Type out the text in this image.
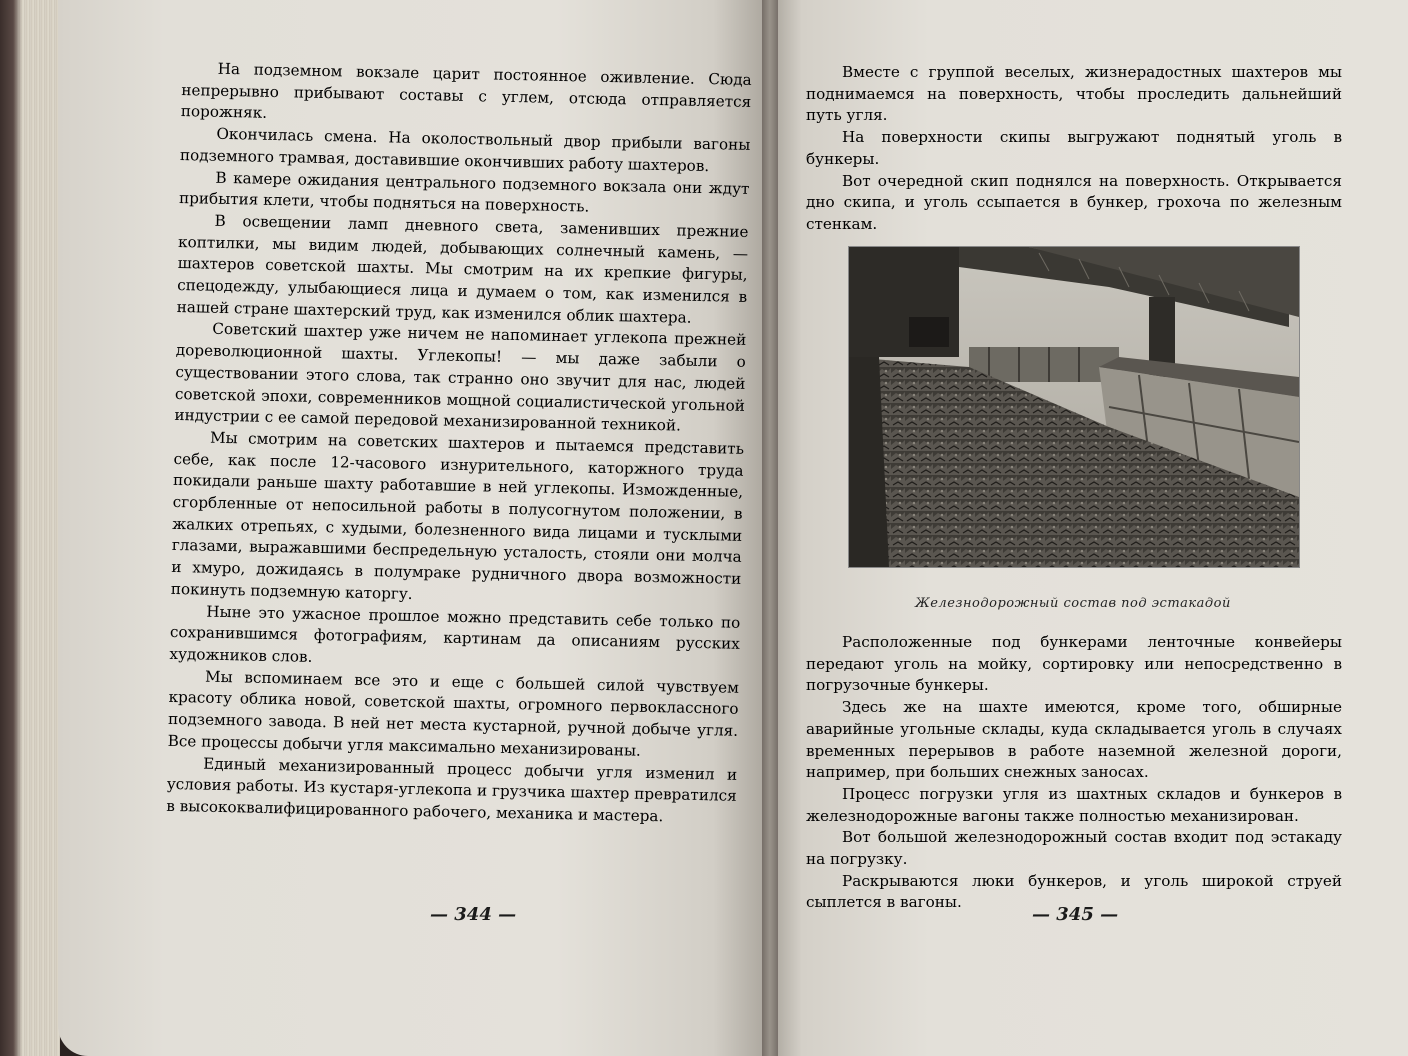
На подземном вокзале царит постоянное оживление. Сюда непрерывно прибывают составы с углем, отсюда отправляется порожняк.

Окончилась смена. На околоствольный двор прибыли вагоны подземного трамвая, доставившие окончивших работу шахтеров.

В камере ожидания центрального подземного вокзала они ждут прибытия клети, чтобы подняться на поверхность.

В освещении ламп дневного света, заменивших прежние коптилки, мы видим людей, добывающих солнечный камень, — шахтеров советской шахты. Мы смотрим на их крепкие фигуры, спецодежду, улыбающиеся лица и думаем о том, как изменился в нашей стране шахтерский труд, как изменился облик шахтера.

Советский шахтер уже ничем не напоминает углекопа прежней дореволюционной шахты. Углекопы! — мы даже забыли о существовании этого слова, так странно оно звучит для нас, людей советской эпохи, современников мощной социалистической угольной индустрии с ее самой передовой механизированной техникой.

Мы смотрим на советских шахтеров и пытаемся представить себе, как после 12-часового изнурительного, каторжного труда покидали раньше шахту работавшие в ней углекопы. Изможденные, сгорбленные от непосильной работы в полусогнутом положении, в жалких отрепьях, с худыми, болезненного вида лицами и тусклыми глазами, выражавшими беспредельную усталость, стояли они молча и хмуро, дожидаясь в полумраке рудничного двора возможности покинуть подземную каторгу.

Ныне это ужасное прошлое можно представить себе только по сохранившимся фотографиям, картинам да описаниям русских художников слов.

Мы вспоминаем все это и еще с большей силой чувствуем красоту облика новой, советской шахты, огромного первоклассного подземного завода. В ней нет места кустарной, ручной добыче угля. Все процессы добычи угля максимально механизированы.

Единый механизированный процесс добычи угля изменил и условия работы. Из кустаря-углекопа и грузчика шахтер превратился в высококвалифицированного рабочего, механика и мастера.

— 344 —

Вместе с группой веселых, жизнерадостных шахтеров мы поднимаемся на поверхность, чтобы проследить дальнейший путь угля.

На поверхности скипы выгружают поднятый уголь в бункеры.

Вот очередной скип поднялся на поверхность. Открывается дно скипа, и уголь ссыпается в бункер, грохоча по железным стенкам.

Железнодорожный состав под эстакадой

Расположенные под бункерами ленточные конвейеры передают уголь на мойку, сортировку или непосредственно в погрузочные бункеры.

Здесь же на шахте имеются, кроме того, обширные аварийные угольные склады, куда складывается уголь в случаях временных перерывов в работе наземной железной дороги, например, при больших снежных заносах.

Процесс погрузки угля из шахтных складов и бункеров в железнодорожные вагоны также полностью механизирован.

Вот большой железнодорожный состав входит под эстакаду на погрузку.

Раскрываются люки бункеров, и уголь широкой струей сыплется в вагоны.

— 345 —
